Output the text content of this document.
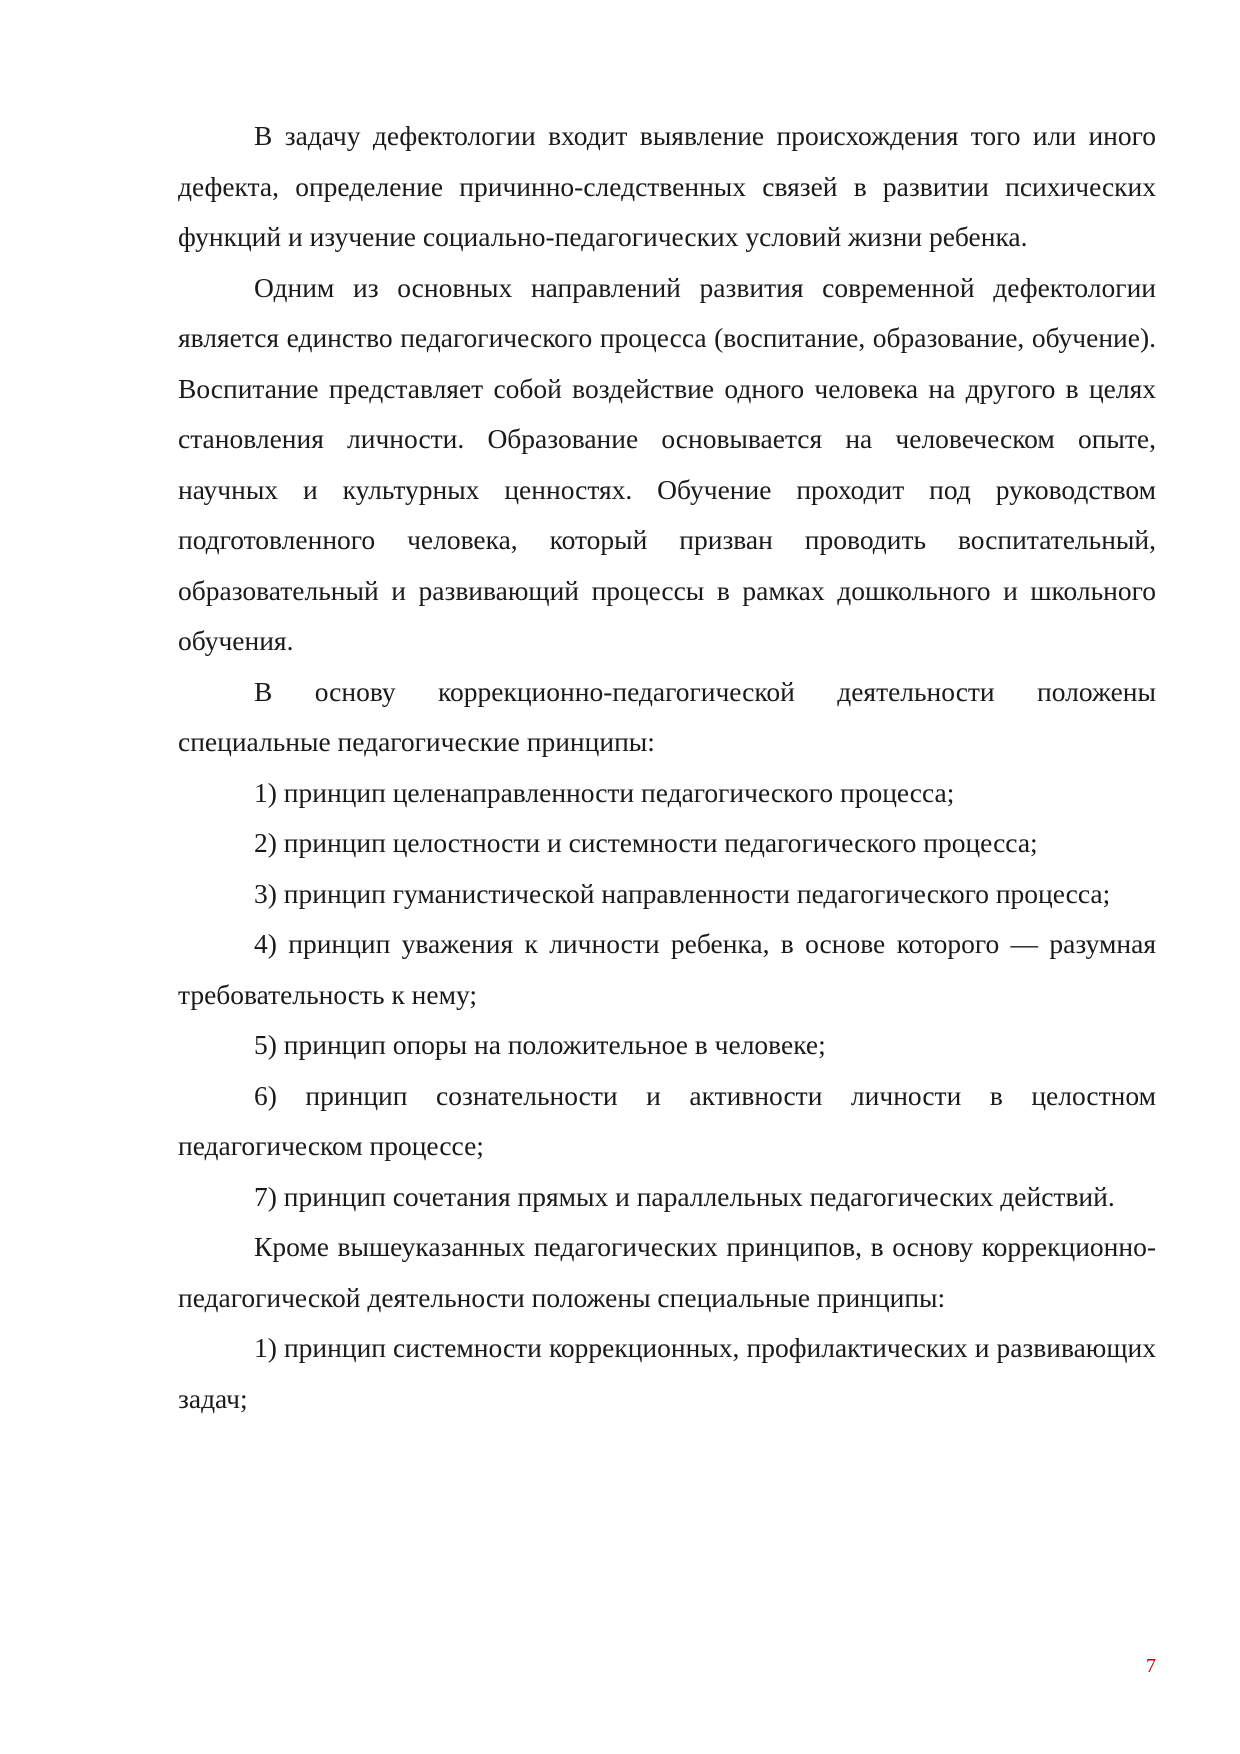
В задачу дефектологии входит выявление происхождения того или иного дефекта, определение причинно-следственных связей в развитии психических функций и изучение социально-педагогических условий жизни ребенка.

Одним из основных направлений развития современной дефектологии является единство педагогического процесса (воспитание, образование, обучение). Воспитание представляет собой воздействие одного человека на другого в целях становления личности. Образование основывается на человеческом опыте, научных и культурных ценностях. Обучение проходит под руководством подготовленного человека, который призван проводить воспитательный, образовательный и развивающий процессы в рамках дошкольного и школьного обучения.

В основу коррекционно-педагогической деятельности положены специальные педагогические принципы:

1) принцип целенаправленности педагогического процесса;

2) принцип целостности и системности педагогического процесса;

3) принцип гуманистической направленности педагогического процесса;

4) принцип уважения к личности ребенка, в основе которого — разумная требовательность к нему;

5) принцип опоры на положительное в человеке;

6) принцип сознательности и активности личности в целостном педагогическом процессе;

7) принцип сочетания прямых и параллельных педагогических действий.

Кроме вышеуказанных педагогических принципов, в основу коррекционно-педагогической деятельности положены специальные принципы:

1) принцип системности коррекционных, профилактических и развивающих задач;

7
